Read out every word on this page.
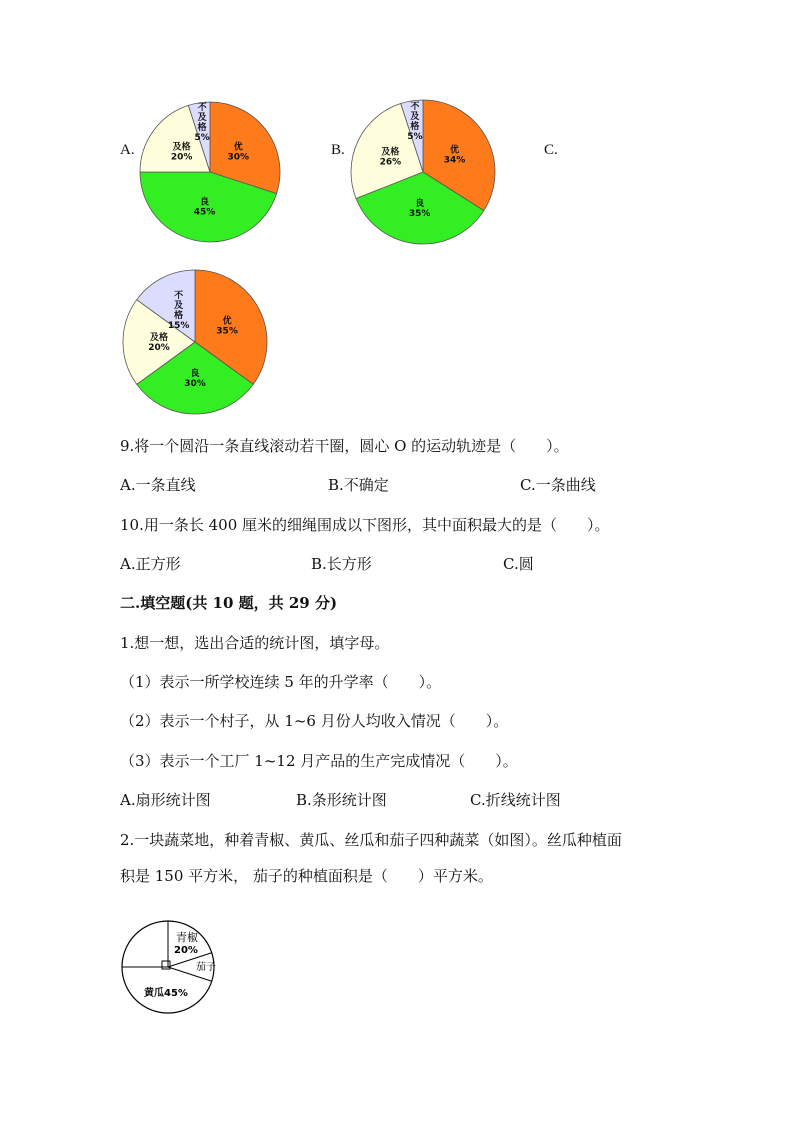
A.	B.	C.
优 30%
良 45%
及格 20%
不及格 5%
优 34%
良 35%
及格 26%
不及格 5%
优 35%
良 30%
及格 20%
不及格 15%
9.将一个圆沿一条直线滚动若干圈，圆心 O 的运动轨迹是（　　）。
A.一条直线	B.不确定	C.一条曲线
10.用一条长 400 厘米的细绳围成以下图形，其中面积最大的是（　　）。
A.正方形	B.长方形	C.圆
二.填空题(共 10 题，共 29 分)
1.想一想，选出合适的统计图，填字母。
（1）表示一所学校连续 5 年的升学率（　　）。
（2）表示一个村子，从 1~6 月份人均收入情况（　　）。
（3）表示一个工厂 1~12 月产品的生产完成情况（　　）。
A.扇形统计图	B.条形统计图	C.折线统计图
2.一块蔬菜地，种着青椒、黄瓜、丝瓜和茄子四种蔬菜（如图）。丝瓜种植面
积是 150 平方米， 茄子的种植面积是（　　）平方米。
青椒
20%
茄子
黄瓜45%
